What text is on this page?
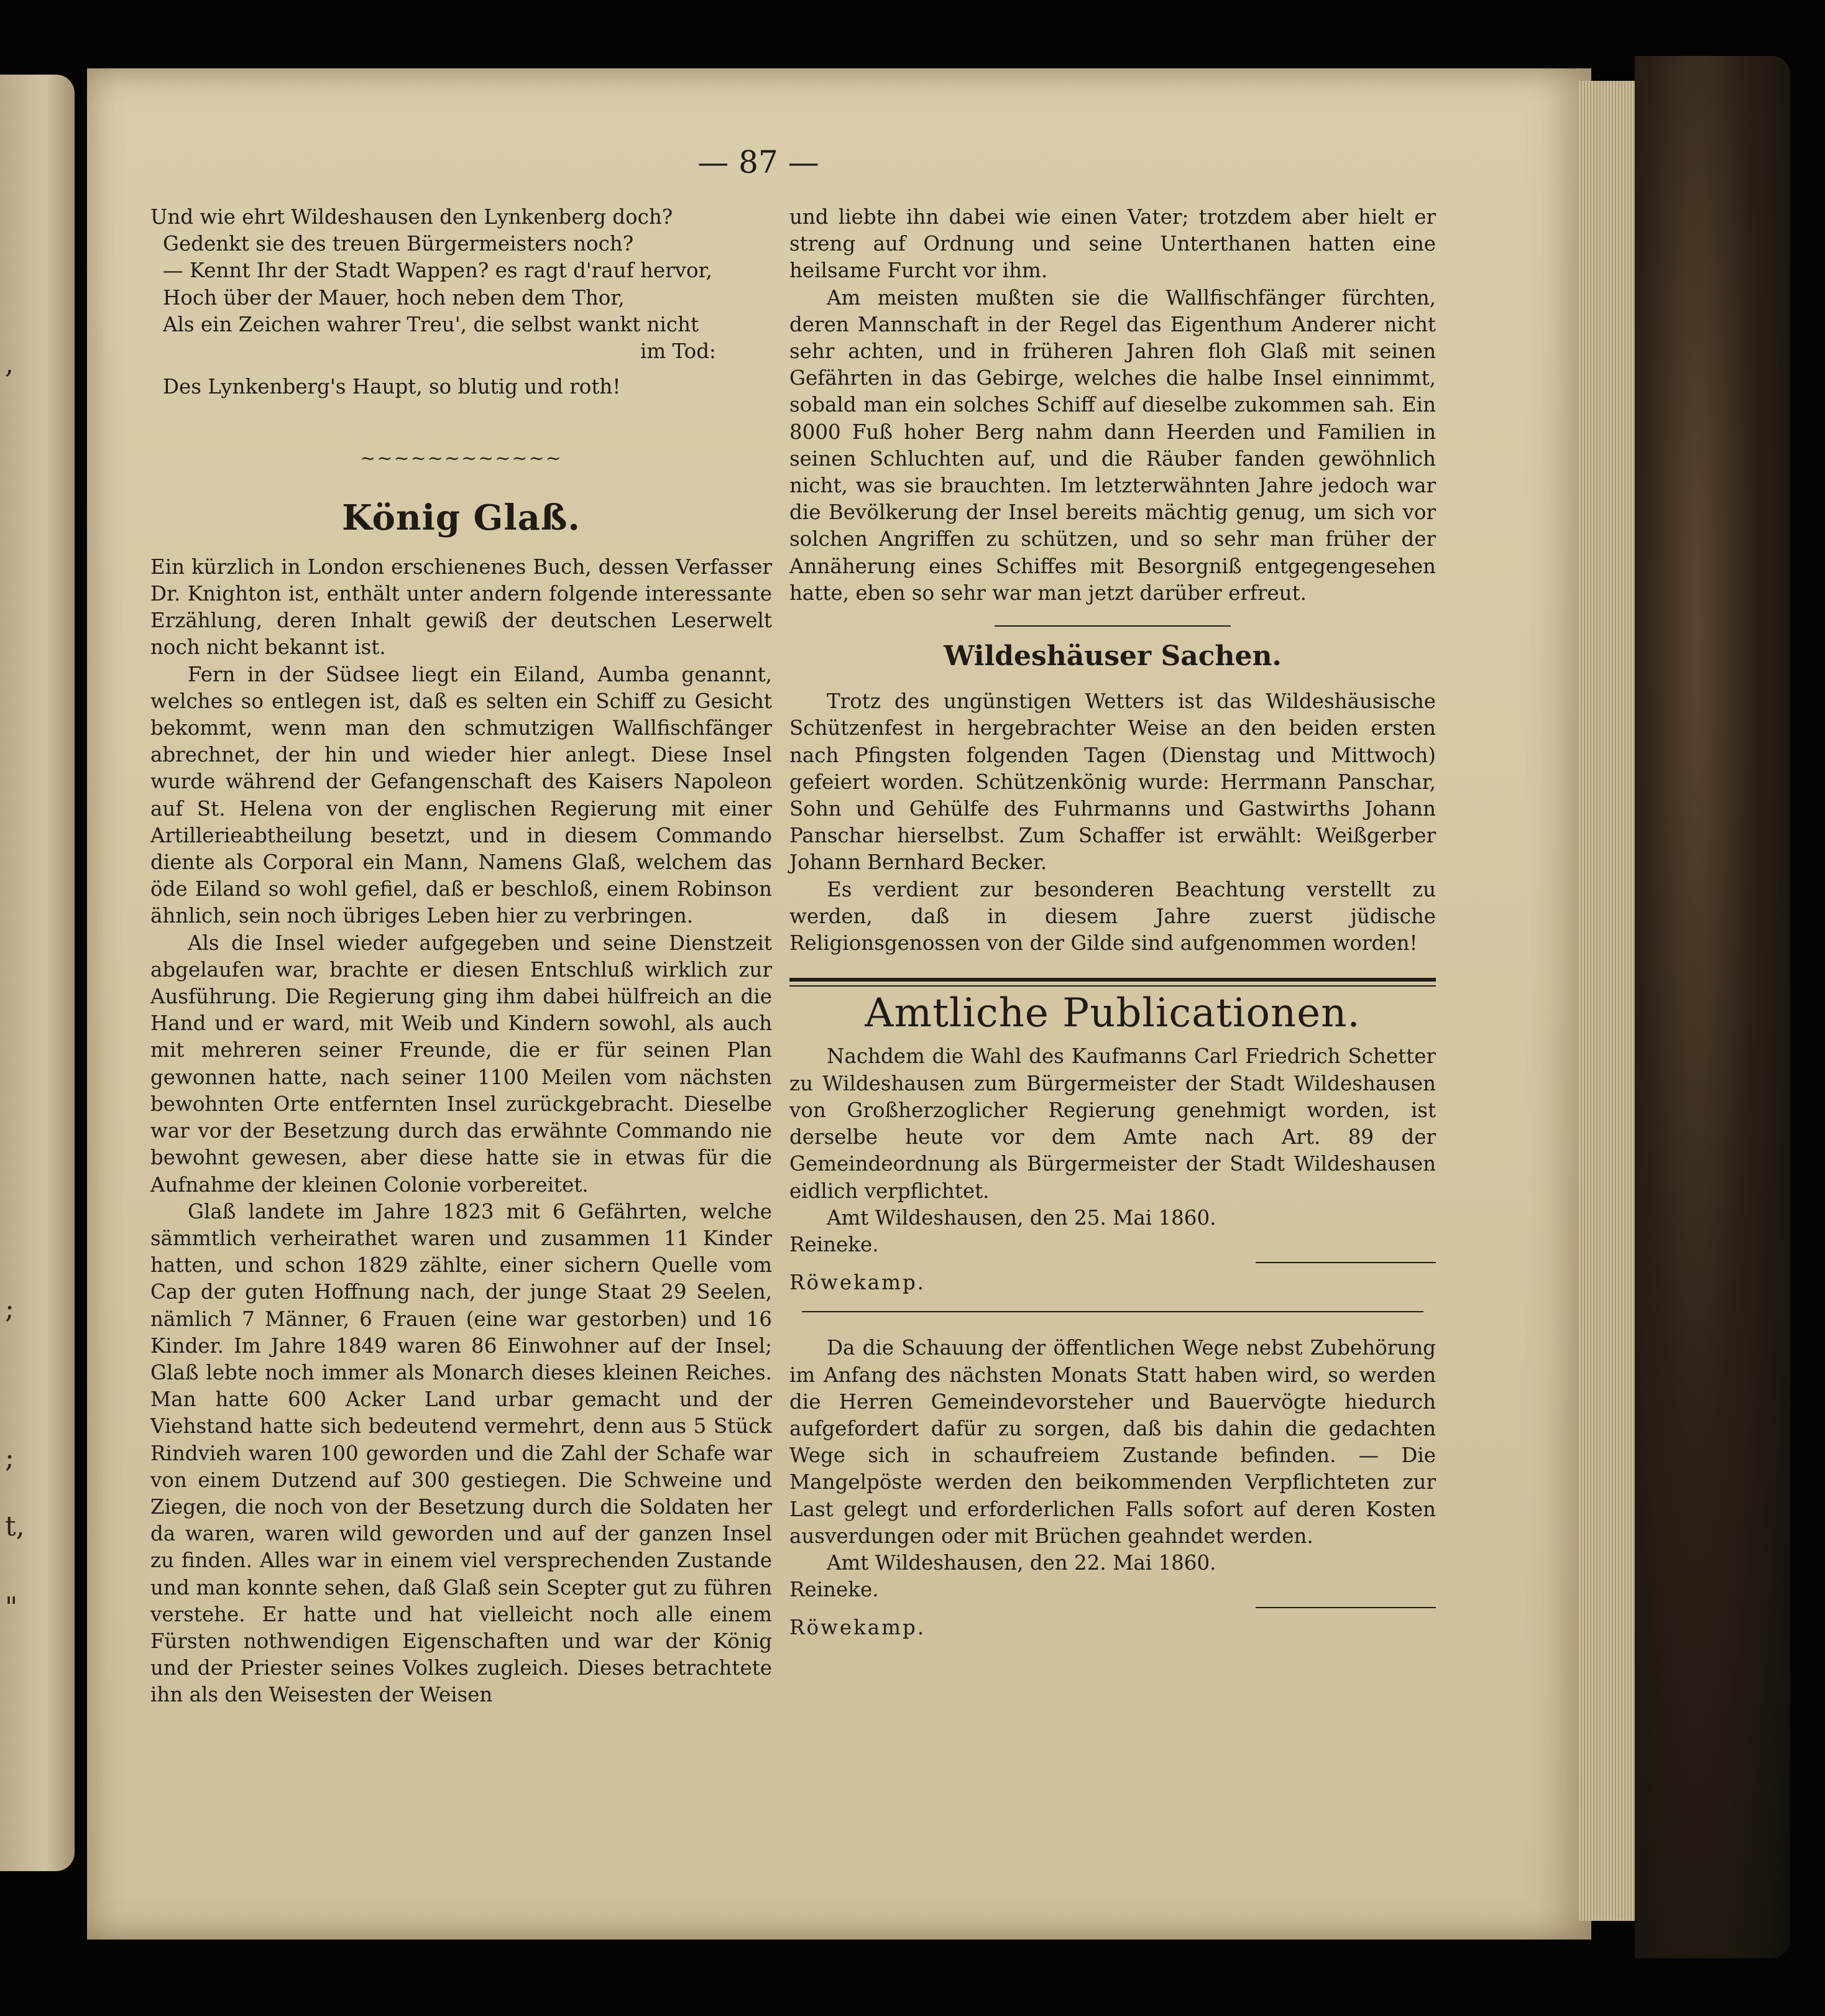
,
;
;
t,
"
— 87 —
Und wie ehrt Wildeshausen den Lynkenberg doch?
Gedenkt sie des treuen Bürgermeisters noch?
— Kennt Ihr der Stadt Wappen? es ragt d'rauf hervor,
Hoch über der Mauer, hoch neben dem Thor,
Als ein Zeichen wahrer Treu', die selbst wankt nicht
im Tod:
Des Lynkenberg's Haupt, so blutig und roth!
~~~~~~~~~~~~
König Glaß.

Ein kürzlich in London erschienenes Buch, dessen Verfasser Dr. Knighton ist, enthält unter andern folgende interessante Erzählung, deren Inhalt gewiß der deutschen Leserwelt noch nicht bekannt ist.

Fern in der Südsee liegt ein Eiland, Aumba genannt, welches so entlegen ist, daß es selten ein Schiff zu Gesicht bekommt, wenn man den schmutzigen Wallfischfänger abrechnet, der hin und wieder hier anlegt. Diese Insel wurde während der Gefangenschaft des Kaisers Napoleon auf St. Helena von der englischen Regierung mit einer Artillerieabtheilung besetzt, und in diesem Commando diente als Corporal ein Mann, Namens Glaß, welchem das öde Eiland so wohl gefiel, daß er beschloß, einem Robinson ähnlich, sein noch übriges Leben hier zu verbringen.

Als die Insel wieder aufgegeben und seine Dienstzeit abgelaufen war, brachte er diesen Entschluß wirklich zur Ausführung. Die Regierung ging ihm dabei hülfreich an die Hand und er ward, mit Weib und Kindern sowohl, als auch mit mehreren seiner Freunde, die er für seinen Plan gewonnen hatte, nach seiner 1100 Meilen vom nächsten bewohnten Orte entfernten Insel zurückgebracht. Dieselbe war vor der Besetzung durch das erwähnte Commando nie bewohnt gewesen, aber diese hatte sie in etwas für die Aufnahme der kleinen Colonie vorbereitet.

Glaß landete im Jahre 1823 mit 6 Gefährten, welche sämmtlich verheirathet waren und zusammen 11 Kinder hatten, und schon 1829 zählte, einer sichern Quelle vom Cap der guten Hoffnung nach, der junge Staat 29 Seelen, nämlich 7 Männer, 6 Frauen (eine war gestorben) und 16 Kinder. Im Jahre 1849 waren 86 Einwohner auf der Insel; Glaß lebte noch immer als Monarch dieses kleinen Reiches. Man hatte 600 Acker Land urbar gemacht und der Viehstand hatte sich bedeutend vermehrt, denn aus 5 Stück Rindvieh waren 100 geworden und die Zahl der Schafe war von einem Dutzend auf 300 gestiegen. Die Schweine und Ziegen, die noch von der Besetzung durch die Soldaten her da waren, waren wild geworden und auf der ganzen Insel zu finden. Alles war in einem viel versprechenden Zustande und man konnte sehen, daß Glaß sein Scepter gut zu führen verstehe. Er hatte und hat vielleicht noch alle einem Fürsten nothwendigen Eigenschaften und war der König und der Priester seines Volkes zugleich. Dieses betrachtete ihn als den Weisesten der Weisen

und liebte ihn dabei wie einen Vater; trotzdem aber hielt er streng auf Ordnung und seine Unterthanen hatten eine heilsame Furcht vor ihm.

Am meisten mußten sie die Wallfischfänger fürchten, deren Mannschaft in der Regel das Eigenthum Anderer nicht sehr achten, und in früheren Jahren floh Glaß mit seinen Gefährten in das Gebirge, welches die halbe Insel einnimmt, sobald man ein solches Schiff auf dieselbe zukommen sah. Ein 8000 Fuß hoher Berg nahm dann Heerden und Familien in seinen Schluchten auf, und die Räuber fanden gewöhnlich nicht, was sie brauchten. Im letzterwähnten Jahre jedoch war die Bevölkerung der Insel bereits mächtig genug, um sich vor solchen Angriffen zu schützen, und so sehr man früher der Annäherung eines Schiffes mit Besorgniß entgegengesehen hatte, eben so sehr war man jetzt darüber erfreut.

Wildeshäuser Sachen.

Trotz des ungünstigen Wetters ist das Wildeshäusische Schützenfest in hergebrachter Weise an den beiden ersten nach Pfingsten folgenden Tagen (Dienstag und Mittwoch) gefeiert worden. Schützenkönig wurde: Herrmann Panschar, Sohn und Gehülfe des Fuhrmanns und Gastwirths Johann Panschar hierselbst. Zum Schaffer ist erwählt: Weißgerber Johann Bernhard Becker.

Es verdient zur besonderen Beachtung verstellt zu werden, daß in diesem Jahre zuerst jüdische Religionsgenossen von der Gilde sind aufgenommen worden!

Amtliche Publicationen.

Nachdem die Wahl des Kaufmanns Carl Friedrich Schetter zu Wildeshausen zum Bürgermeister der Stadt Wildeshausen von Großherzoglicher Regierung genehmigt worden, ist derselbe heute vor dem Amte nach Art. 89 der Gemeindeordnung als Bürgermeister der Stadt Wildeshausen eidlich verpflichtet.

Amt Wildeshausen, den 25. Mai 1860.

Reineke.

Röwekamp.

Da die Schauung der öffentlichen Wege nebst Zubehörung im Anfang des nächsten Monats Statt haben wird, so werden die Herren Gemeindevorsteher und Bauervögte hiedurch aufgefordert dafür zu sorgen, daß bis dahin die gedachten Wege sich in schaufreiem Zustande befinden. — Die Mangelpöste werden den beikommenden Verpflichteten zur Last gelegt und erforderlichen Falls sofort auf deren Kosten ausverdungen oder mit Brüchen geahndet werden.

Amt Wildeshausen, den 22. Mai 1860.

Reineke.

Röwekamp.
